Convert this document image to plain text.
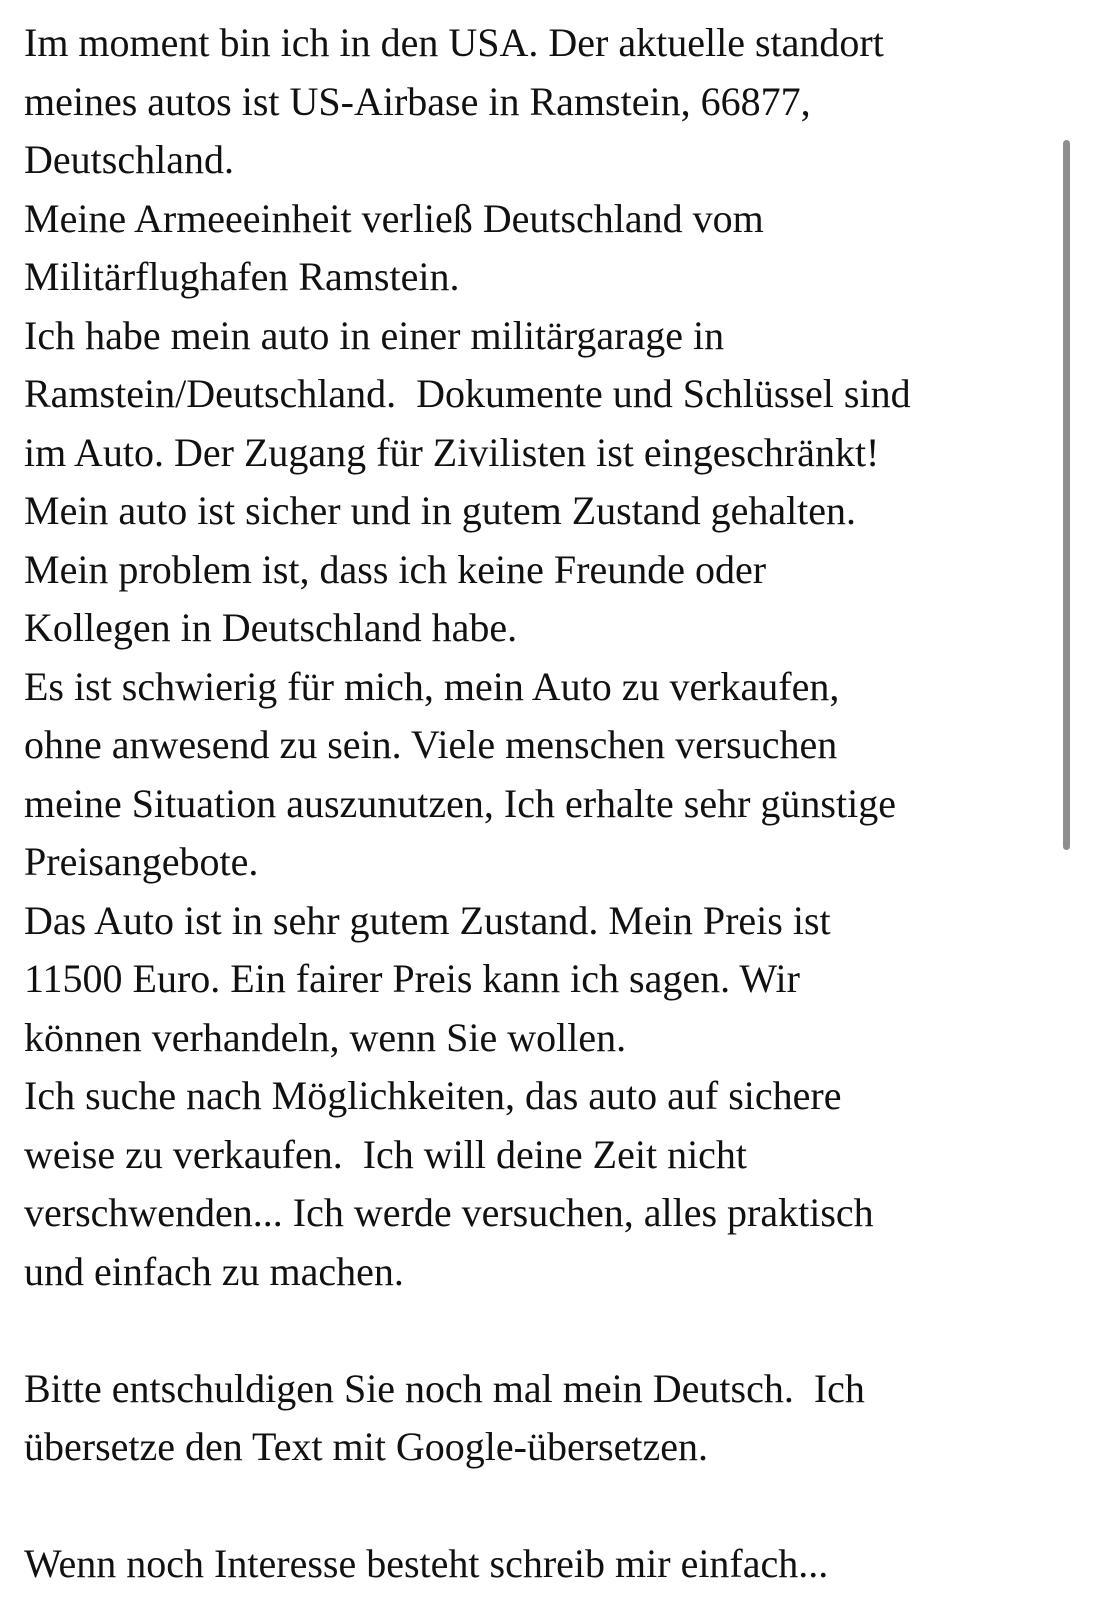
Im moment bin ich in den USA. Der aktuelle standort
meines autos ist US-Airbase in Ramstein, 66877,
Deutschland.
Meine Armeeeinheit verließ Deutschland vom
Militärflughafen Ramstein.
Ich habe mein auto in einer militärgarage in
Ramstein/Deutschland.  Dokumente und Schlüssel sind
im Auto. Der Zugang für Zivilisten ist eingeschränkt!
Mein auto ist sicher und in gutem Zustand gehalten.
Mein problem ist, dass ich keine Freunde oder
Kollegen in Deutschland habe.
Es ist schwierig für mich, mein Auto zu verkaufen,
ohne anwesend zu sein. Viele menschen versuchen
meine Situation auszunutzen, Ich erhalte sehr günstige
Preisangebote.
Das Auto ist in sehr gutem Zustand. Mein Preis ist
11500 Euro. Ein fairer Preis kann ich sagen. Wir
können verhandeln, wenn Sie wollen.
Ich suche nach Möglichkeiten, das auto auf sichere
weise zu verkaufen.  Ich will deine Zeit nicht
verschwenden... Ich werde versuchen, alles praktisch
und einfach zu machen.
Bitte entschuldigen Sie noch mal mein Deutsch.  Ich
übersetze den Text mit Google-übersetzen.
Wenn noch Interesse besteht schreib mir einfach...
